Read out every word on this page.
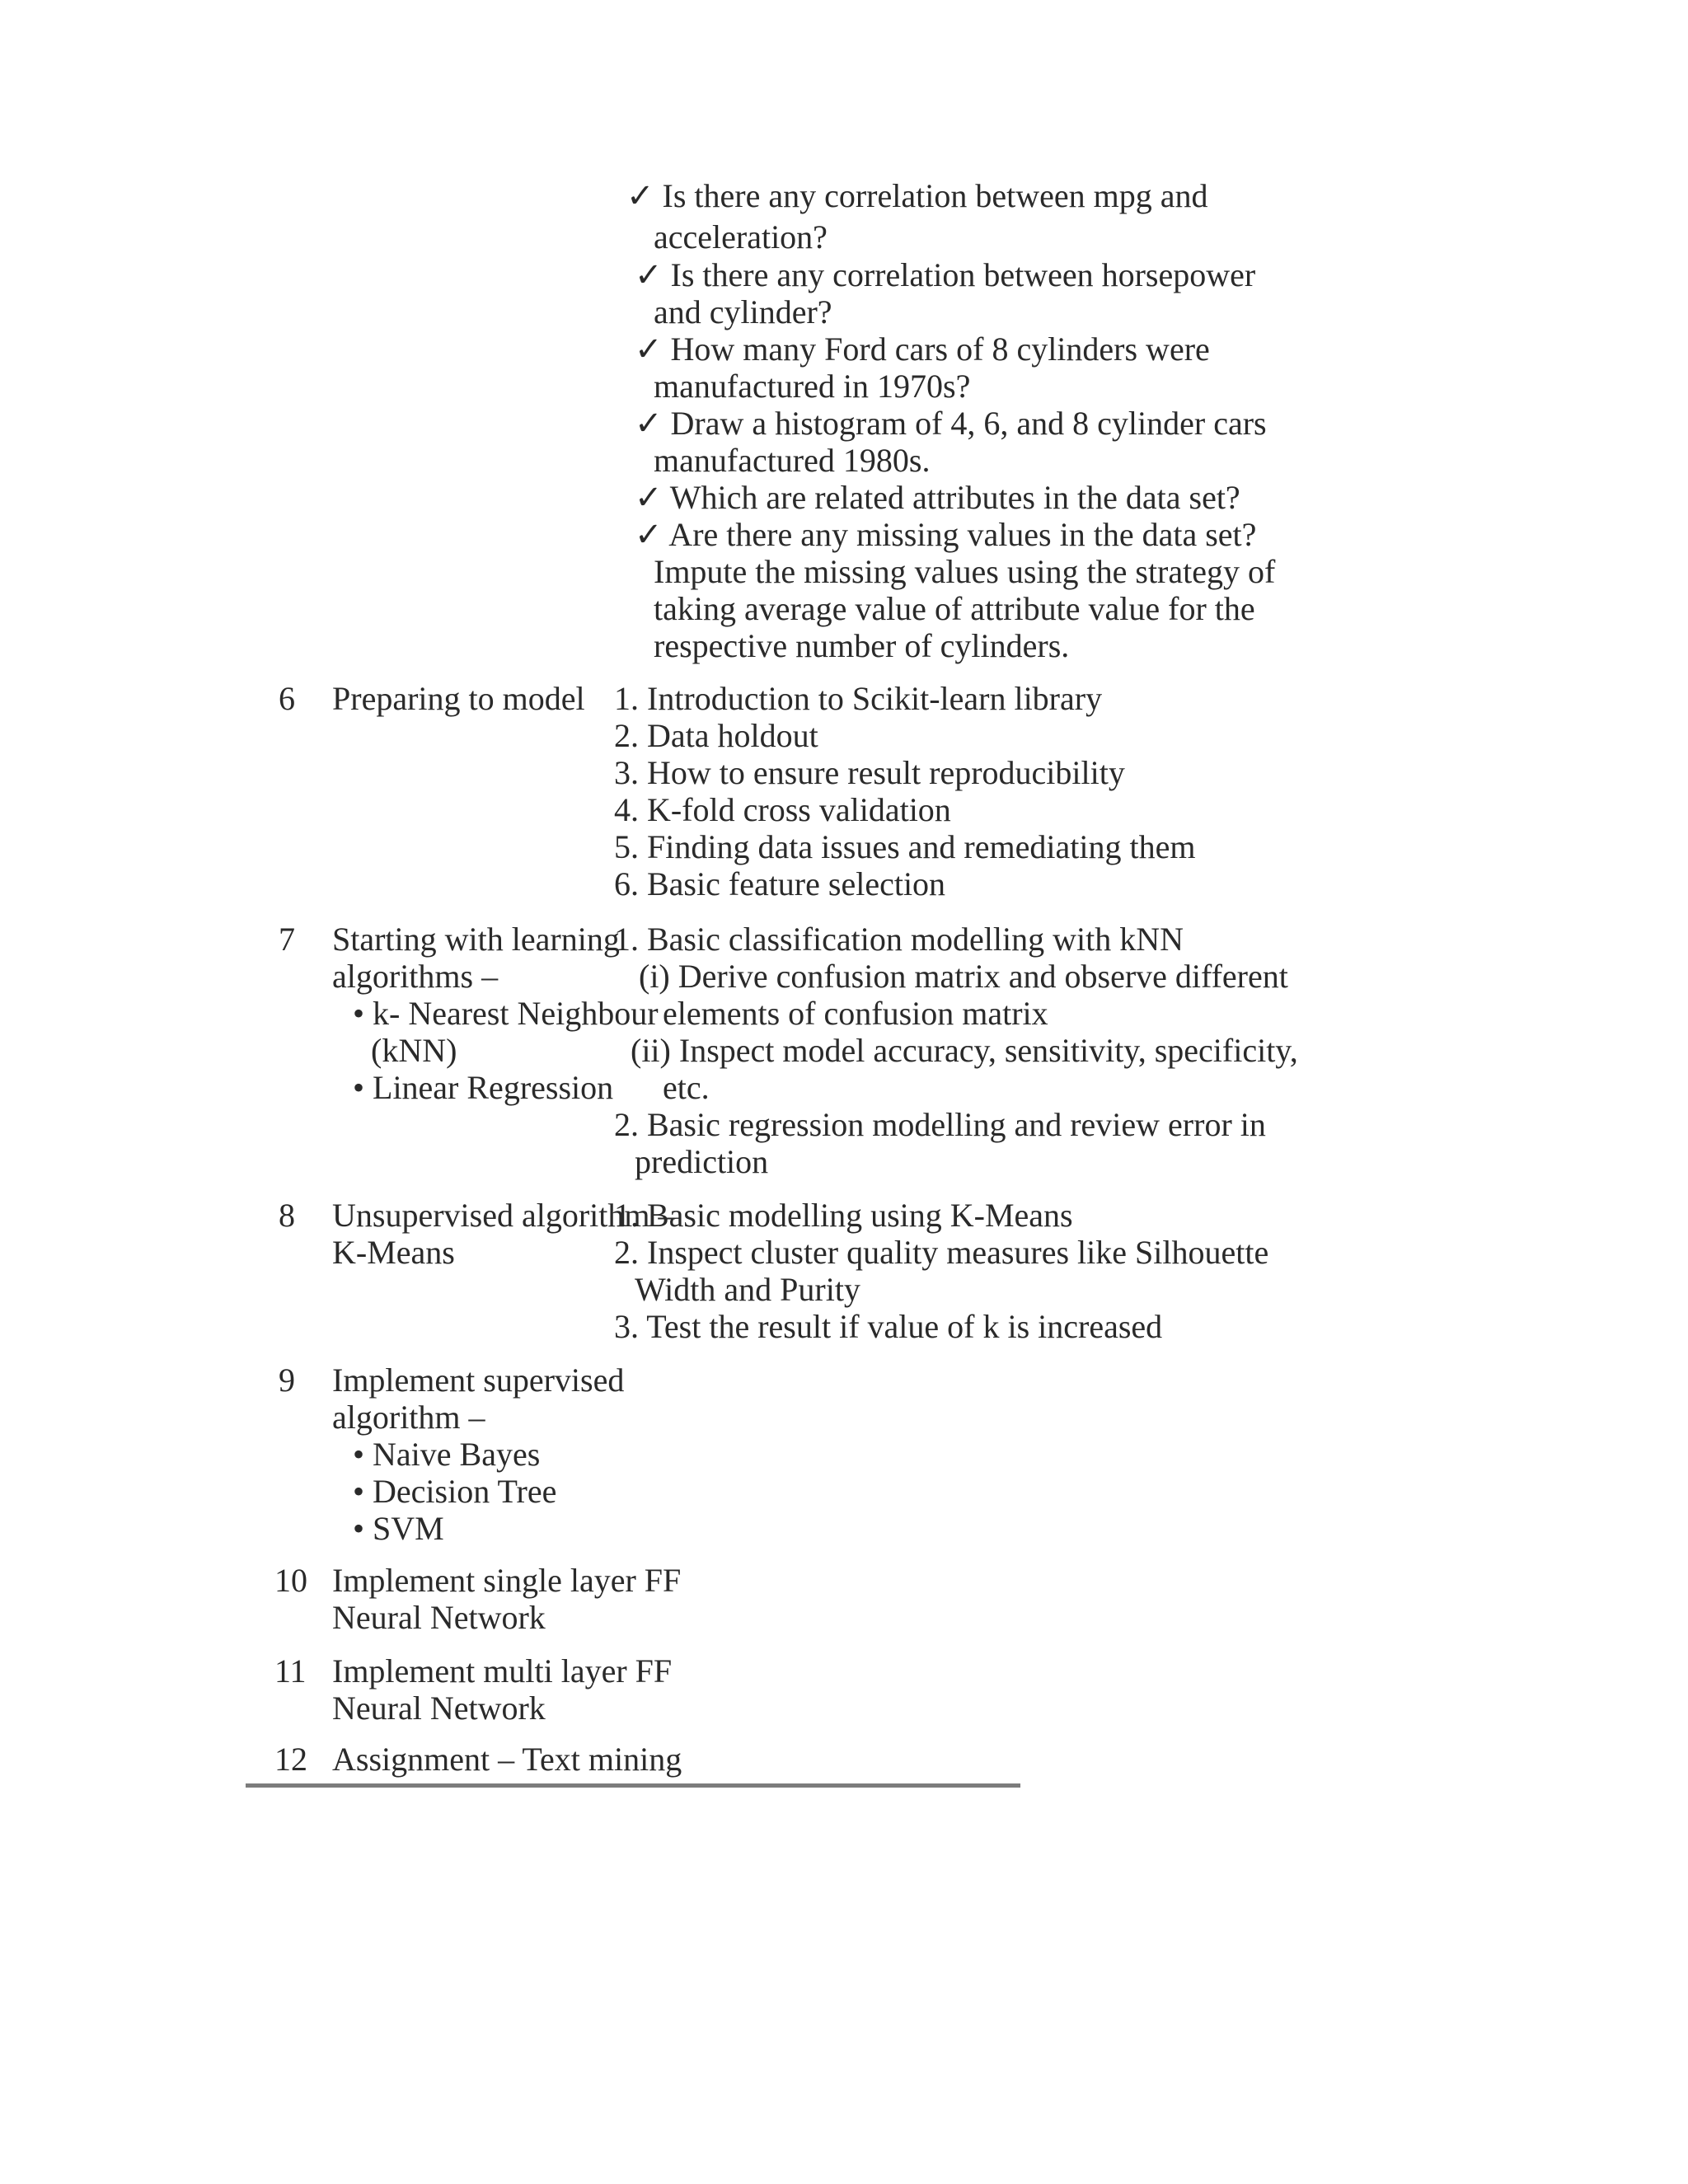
✓ Is there any correlation between mpg and
acceleration?
✓ Is there any correlation between horsepower
and cylinder?
✓ How many Ford cars of 8 cylinders were
manufactured in 1970s?
✓ Draw a histogram of 4, 6, and 8 cylinder cars
manufactured 1980s.
✓ Which are related attributes in the data set?
✓ Are there any missing values in the data set?
Impute the missing values using the strategy of
taking average value of attribute value for the
respective number of cylinders.
6 Preparing to model 1. Introduction to Scikit-learn library
2. Data holdout
3. How to ensure result reproducibility
4. K-fold cross validation
5. Finding data issues and remediating them
6. Basic feature selection
7 Starting with learning
algorithms –
• k- Nearest Neighbour
(kNN)
• Linear Regression
1. Basic classification modelling with kNN
(i) Derive confusion matrix and observe different
elements of confusion matrix
(ii) Inspect model accuracy, sensitivity, specificity,
etc.
2. Basic regression modelling and review error in
prediction
8 Unsupervised algorithm –
K-Means
1. Basic modelling using K-Means
2. Inspect cluster quality measures like Silhouette
Width and Purity
3. Test the result if value of k is increased
9 Implement supervised
algorithm –
• Naive Bayes
• Decision Tree
• SVM
10 Implement single layer FF
Neural Network
11 Implement multi layer FF
Neural Network
12 Assignment – Text mining
